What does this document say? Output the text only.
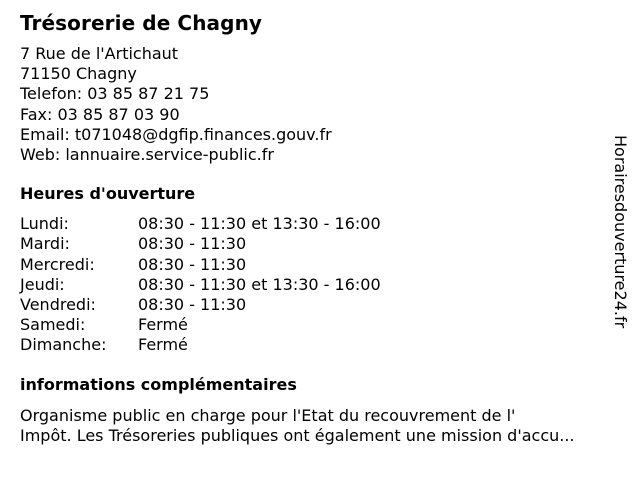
Trésorerie de Chagny
7 Rue de l'Artichaut
71150 Chagny
Telefon: 03 85 87 21 75
Fax: 03 85 87 03 90
Email: t071048@dgfip.finances.gouv.fr
Web: lannuaire.service-public.fr
Heures d'ouverture
Lundi:	08:30 - 11:30 et 13:30 - 16:00
Mardi:	08:30 - 11:30
Mercredi:	08:30 - 11:30
Jeudi:	08:30 - 11:30 et 13:30 - 16:00
Vendredi:	08:30 - 11:30
Samedi:	Fermé
Dimanche:	Fermé
informations complémentaires
Organisme public en charge pour l'Etat du recouvrement de l'
Impôt. Les Trésoreries publiques ont également une mission d'accu...
Horairesdouverture24.fr
